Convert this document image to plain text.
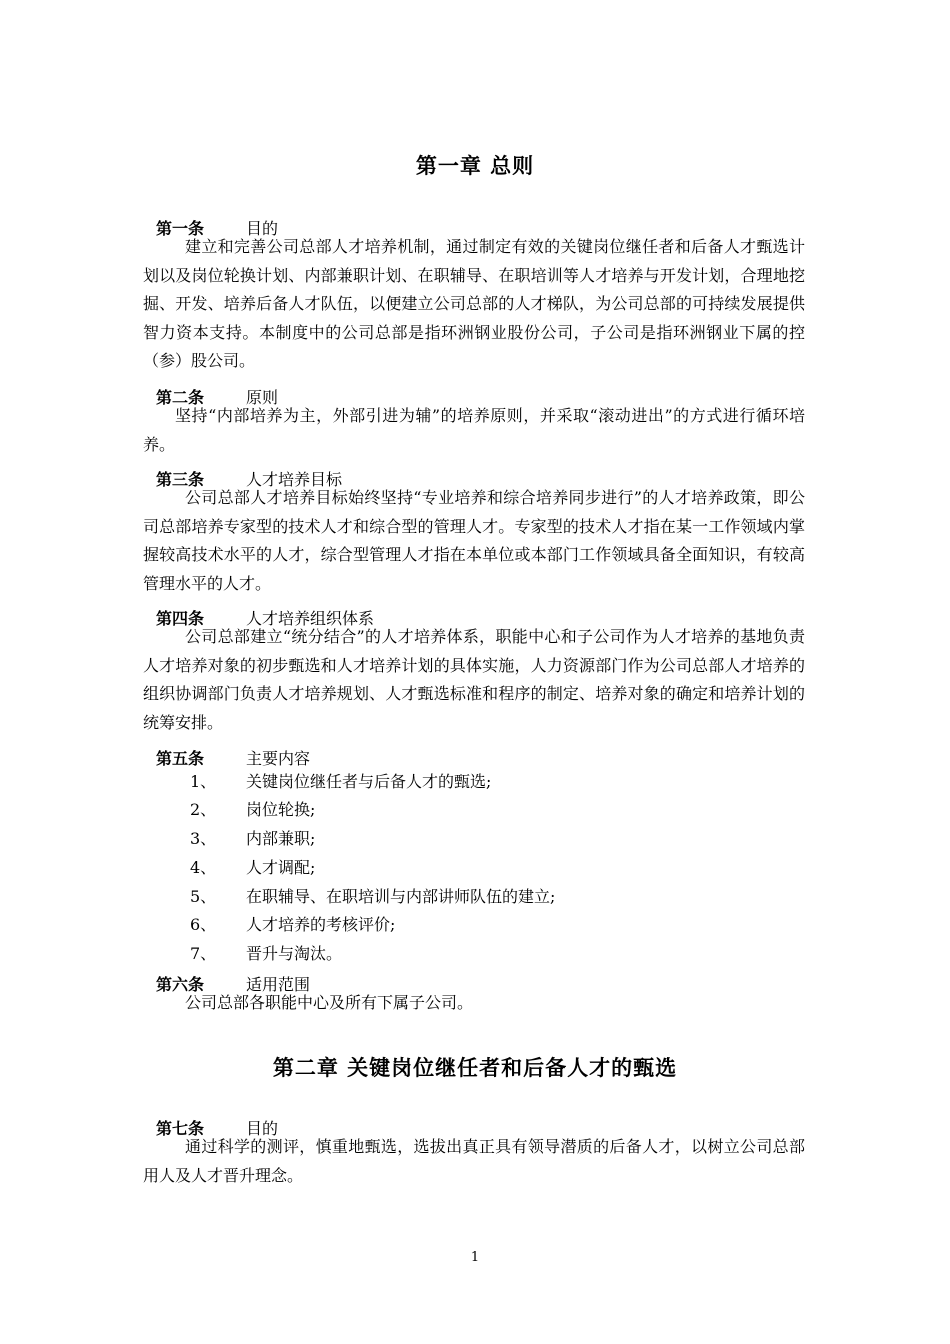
第一章 总则
第一条	目的

建立和完善公司总部人才培养机制，通过制定有效的关键岗位继任者和后备人才甄选计划以及岗位轮换计划、内部兼职计划、在职辅导、在职培训等人才培养与开发计划，合理地挖掘、开发、培养后备人才队伍，以便建立公司总部的人才梯队，为公司总部的可持续发展提供智力资本支持。本制度中的公司总部是指环洲钢业股份公司，子公司是指环洲钢业下属的控（参）股公司。

第二条	原则

坚持“内部培养为主，外部引进为辅”的培养原则，并采取“滚动进出”的方式进行循环培养。

第三条	人才培养目标

公司总部人才培养目标始终坚持“专业培养和综合培养同步进行”的人才培养政策，即公司总部培养专家型的技术人才和综合型的管理人才。专家型的技术人才指在某一工作领域内掌握较高技术水平的人才，综合型管理人才指在本单位或本部门工作领域具备全面知识，有较高管理水平的人才。

第四条	人才培养组织体系

公司总部建立“统分结合”的人才培养体系，职能中心和子公司作为人才培养的基地负责人才培养对象的初步甄选和人才培养计划的具体实施，人力资源部门作为公司总部人才培养的组织协调部门负责人才培养规划、人才甄选标准和程序的制定、培养对象的确定和培养计划的统筹安排。

第五条	主要内容
1、 关键岗位继任者与后备人才的甄选;
2、 岗位轮换;
3、 内部兼职;
4、 人才调配;
5、 在职辅导、在职培训与内部讲师队伍的建立;
6、 人才培养的考核评价;
7、 晋升与淘汰。
第六条	适用范围

公司总部各职能中心及所有下属子公司。

第二章 关键岗位继任者和后备人才的甄选
第七条	目的

通过科学的测评，慎重地甄选，选拔出真正具有领导潜质的后备人才，以树立公司总部用人及人才晋升理念。

1
